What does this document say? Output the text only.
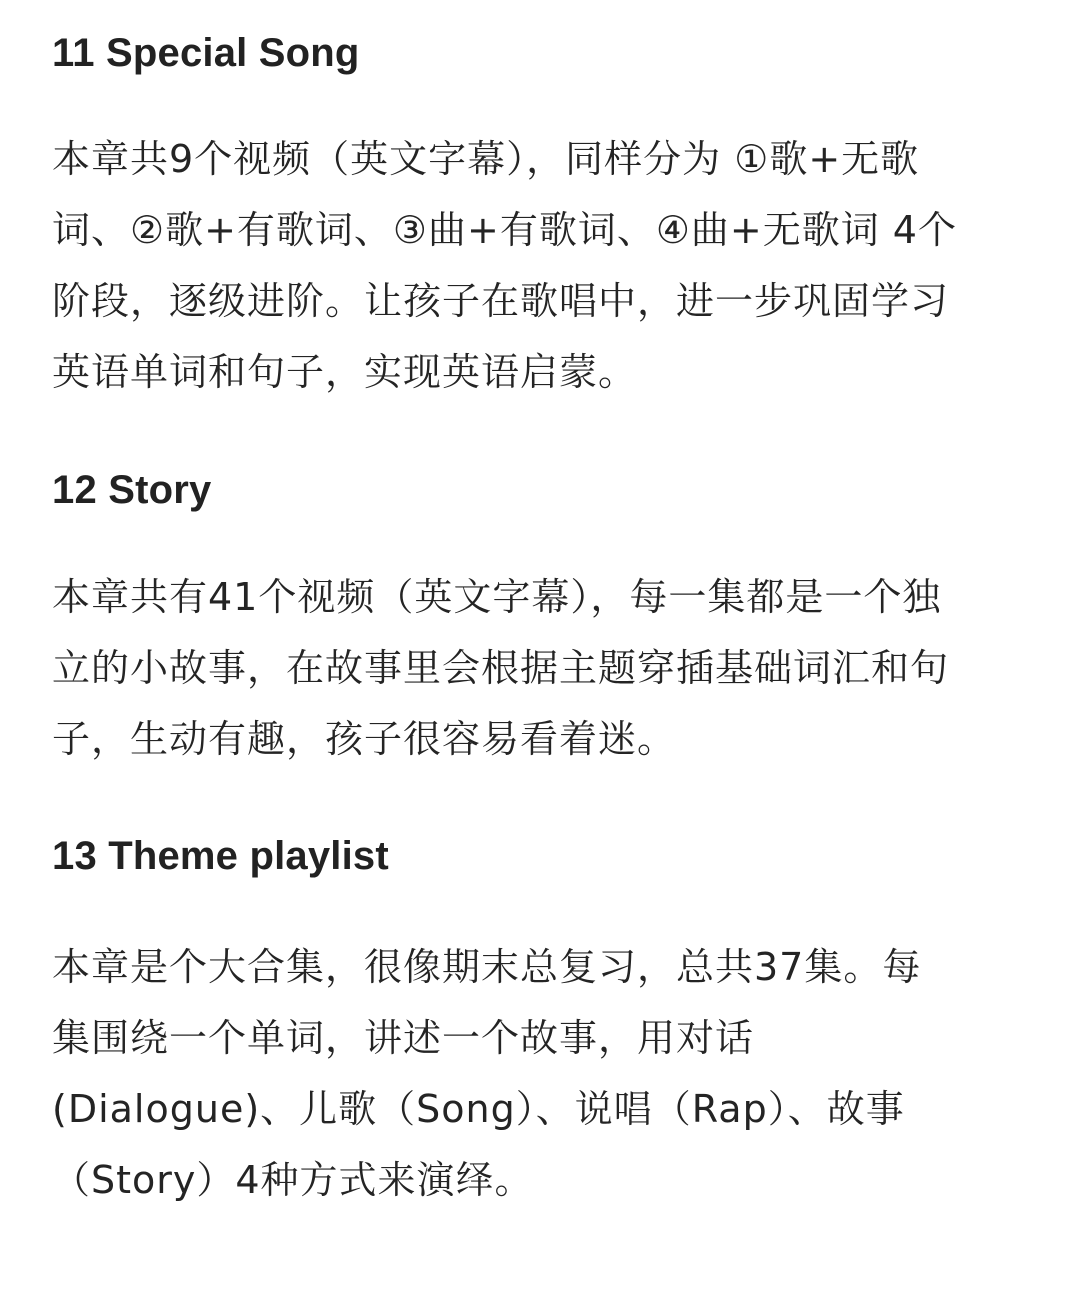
11 Special Song

本章共9个视频（英文字幕），同样分为 ①歌+无歌
词、②歌+有歌词、③曲+有歌词、④曲+无歌词 4个
阶段，逐级进阶。让孩子在歌唱中，进一步巩固学习
英语单词和句子，实现英语启蒙。

12 Story

本章共有41个视频（英文字幕），每一集都是一个独
立的小故事，在故事里会根据主题穿插基础词汇和句
子，生动有趣，孩子很容易看着迷。

13 Theme playlist

本章是个大合集，很像期末总复习，总共37集。每
集围绕一个单词，讲述一个故事，用对话
(Dialogue)、儿歌（Song）、说唱（Rap）、故事
（Story）4种方式来演绎。
